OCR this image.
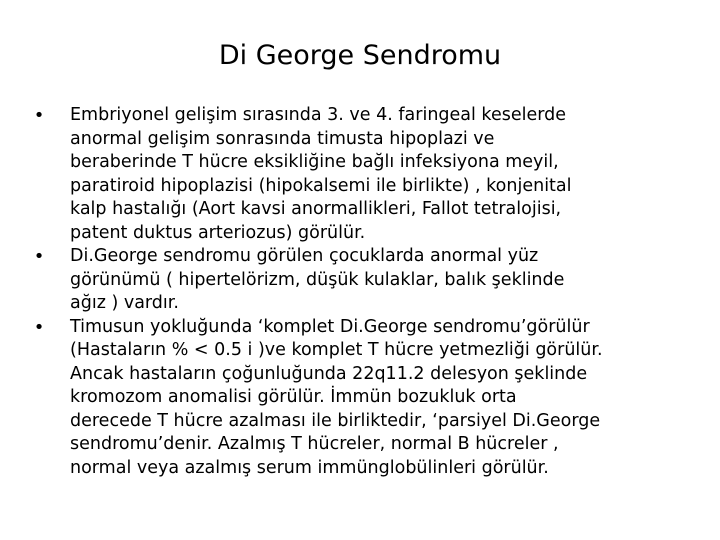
Di George Sendromu
• Embriyonel gelişim sırasında 3. ve 4. faringeal keselerde
anormal gelişim sonrasında timusta hipoplazi ve
beraberinde T hücre eksikliğine bağlı infeksiyona meyil,
paratiroid hipoplazisi (hipokalsemi ile birlikte) , konjenital
kalp hastalığı (Aort kavsi anormallikleri, Fallot tetralojisi,
patent duktus arteriozus) görülür.
• Di.George sendromu görülen çocuklarda anormal yüz
görünümü ( hipertelörizm, düşük kulaklar, balık şeklinde
ağız ) vardır.
• Timusun yokluğunda ‘komplet Di.George sendromu’görülür
(Hastaların % < 0.5 i )ve komplet T hücre yetmezliği görülür.
Ancak hastaların çoğunluğunda 22q11.2 delesyon şeklinde
kromozom anomalisi görülür. İmmün bozukluk orta
derecede T hücre azalması ile birliktedir, ‘parsiyel Di.George
sendromu’denir. Azalmış T hücreler, normal B hücreler ,
normal veya azalmış serum immünglobülinleri görülür.
